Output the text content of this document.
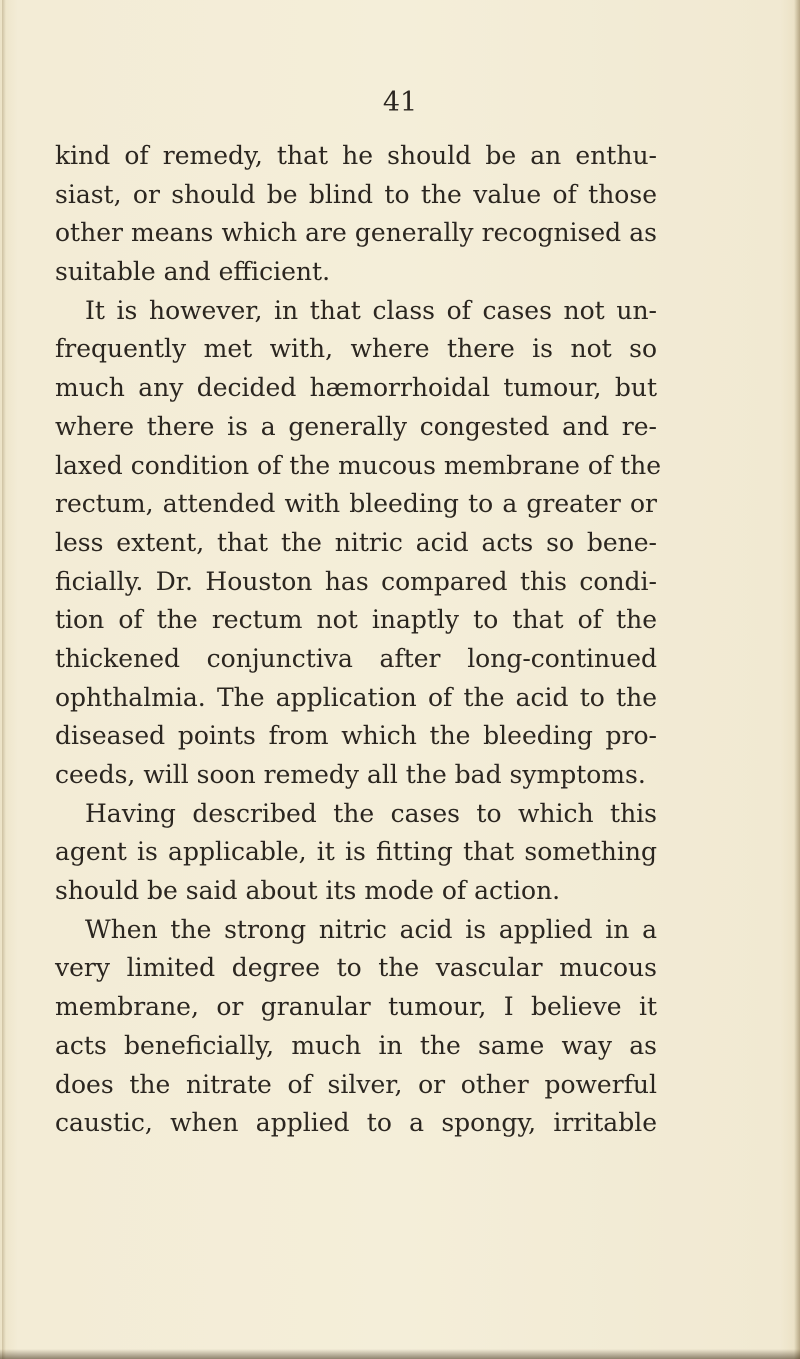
41
kind of remedy, that he should be an enthu-
siast, or should be blind to the value of those
other means which are generally recognised as
suitable and efficient.
It is however, in that class of cases not un-
frequently met with, where there is not so
much any decided hæmorrhoidal tumour, but
where there is a generally congested and re-
laxed condition of the mucous membrane of the
rectum, attended with bleeding to a greater or
less extent, that the nitric acid acts so bene-
ficially. Dr. Houston has compared this condi-
tion of the rectum not inaptly to that of the
thickened conjunctiva after long-continued
ophthalmia. The application of the acid to the
diseased points from which the bleeding pro-
ceeds, will soon remedy all the bad symptoms.
Having described the cases to which this
agent is applicable, it is fitting that something
should be said about its mode of action.
When the strong nitric acid is applied in a
very limited degree to the vascular mucous
membrane, or granular tumour, I believe it
acts beneficially, much in the same way as
does the nitrate of silver, or other powerful
caustic, when applied to a spongy, irritable
